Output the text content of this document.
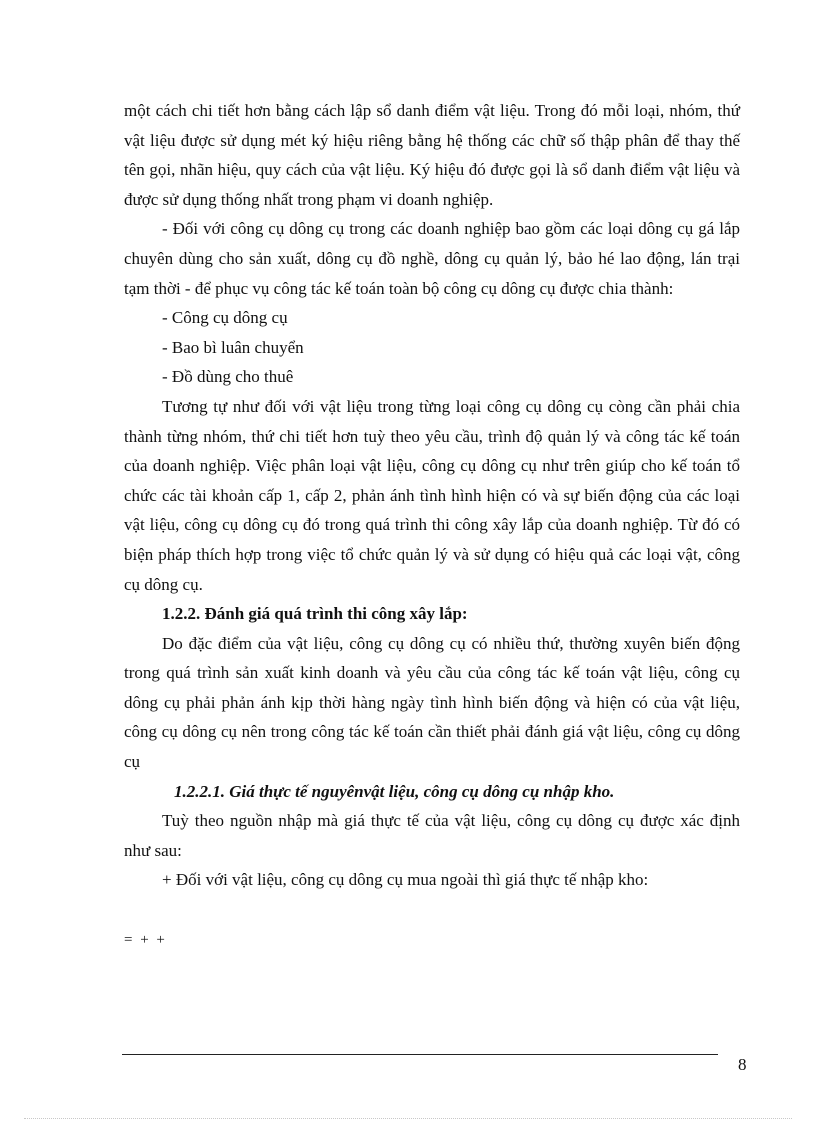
một cách chi tiết hơn bằng cách lập sổ danh điểm vật liệu. Trong đó mỗi loại, nhóm, thứ vật liệu được sử dụng mét ký hiệu riêng bằng hệ thống các chữ số thập phân để thay thế tên gọi, nhãn hiệu, quy cách của vật liệu. Ký hiệu đó được gọi là sổ danh điểm vật liệu và được sử dụng thống nhất trong phạm vi doanh nghiệp.

- Đối với công cụ dông cụ trong các doanh nghiệp bao gồm các loại dông cụ gá lắp chuyên dùng cho sản xuất, dông cụ đồ nghề, dông cụ quản lý, bảo hé lao động, lán trại tạm thời - để phục vụ công tác kế toán toàn bộ công cụ dông cụ được chia thành:

- Công cụ dông cụ

- Bao bì luân chuyển

- Đồ dùng cho thuê

Tương tự như đối với vật liệu trong từng loại công cụ dông cụ còng cần phải chia thành từng nhóm, thứ chi tiết hơn tuỳ theo yêu cầu, trình độ quản lý và công tác kế toán của doanh nghiệp. Việc phân loại vật liệu, công cụ dông cụ như trên giúp cho kế toán tổ chức các tài khoản cấp 1, cấp 2, phản ánh tình hình hiện có và sự biến động của các loại vật liệu, công cụ dông cụ đó trong quá trình thi công xây lắp của doanh nghiệp. Từ đó có biện pháp thích hợp trong việc tổ chức quản lý và sử dụng có hiệu quả các loại vật, công cụ dông cụ.

1.2.2. Đánh giá quá trình thi công xây lắp:

Do đặc điểm của vật liệu, công cụ dông cụ có nhiều thứ, thường xuyên biến động trong quá trình sản xuất kinh doanh và yêu cầu của công tác kế toán vật liệu, công cụ dông cụ phải phản ánh kịp thời hàng ngày tình hình biến động và hiện có của vật liệu, công cụ dông cụ nên trong công tác kế toán cần thiết phải đánh giá vật liệu, công cụ dông cụ

1.2.2.1. Giá thực tế nguyênvật liệu, công cụ dông cụ nhập kho.

Tuỳ theo nguồn nhập mà giá thực tế của vật liệu, công cụ dông cụ được xác định như sau:

+ Đối với vật liệu, công cụ dông cụ mua ngoài thì giá thực tế nhập kho:

= + +
8
